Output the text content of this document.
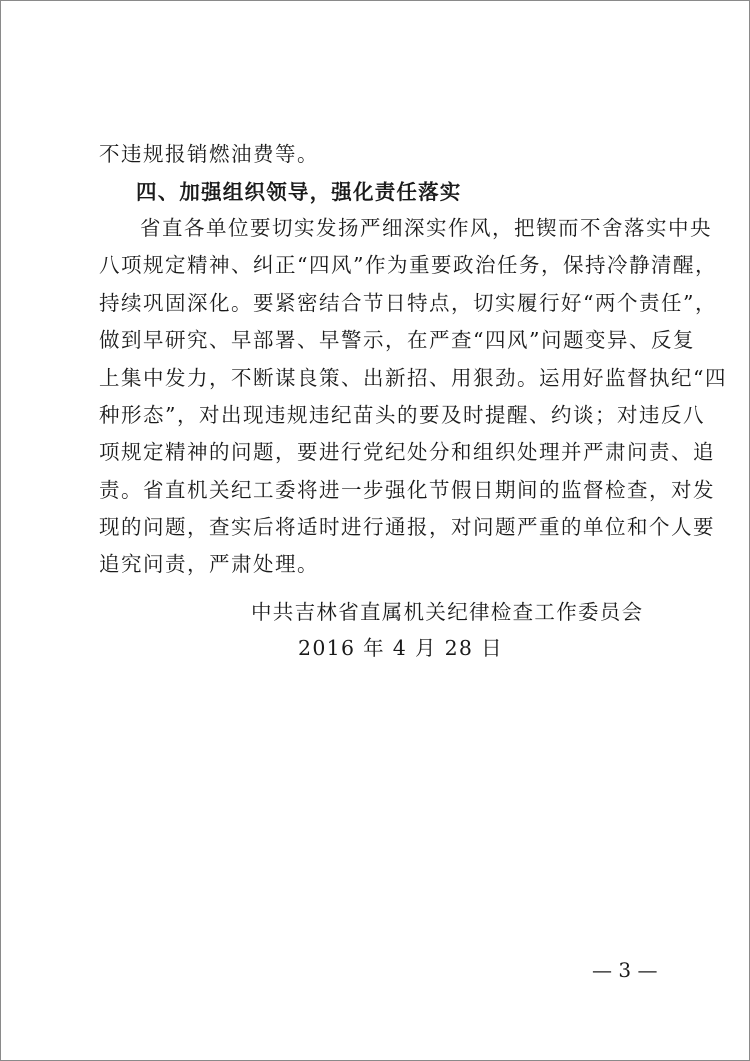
不违规报销燃油费等。
四、加强组织领导，强化责任落实
省直各单位要切实发扬严细深实作风，把锲而不舍落实中央
八项规定精神、纠正“四风”作为重要政治任务，保持冷静清醒，
持续巩固深化。要紧密结合节日特点，切实履行好“两个责任”，
做到早研究、早部署、早警示，在严查“四风”问题变异、反复
上集中发力，不断谋良策、出新招、用狠劲。运用好监督执纪“四
种形态”，对出现违规违纪苗头的要及时提醒、约谈；对违反八
项规定精神的问题，要进行党纪处分和组织处理并严肃问责、追
责。省直机关纪工委将进一步强化节假日期间的监督检查，对发
现的问题，查实后将适时进行通报，对问题严重的单位和个人要
追究问责，严肃处理。
中共吉林省直属机关纪律检查工作委员会
2016 年 4 月 28 日
— 3 —
